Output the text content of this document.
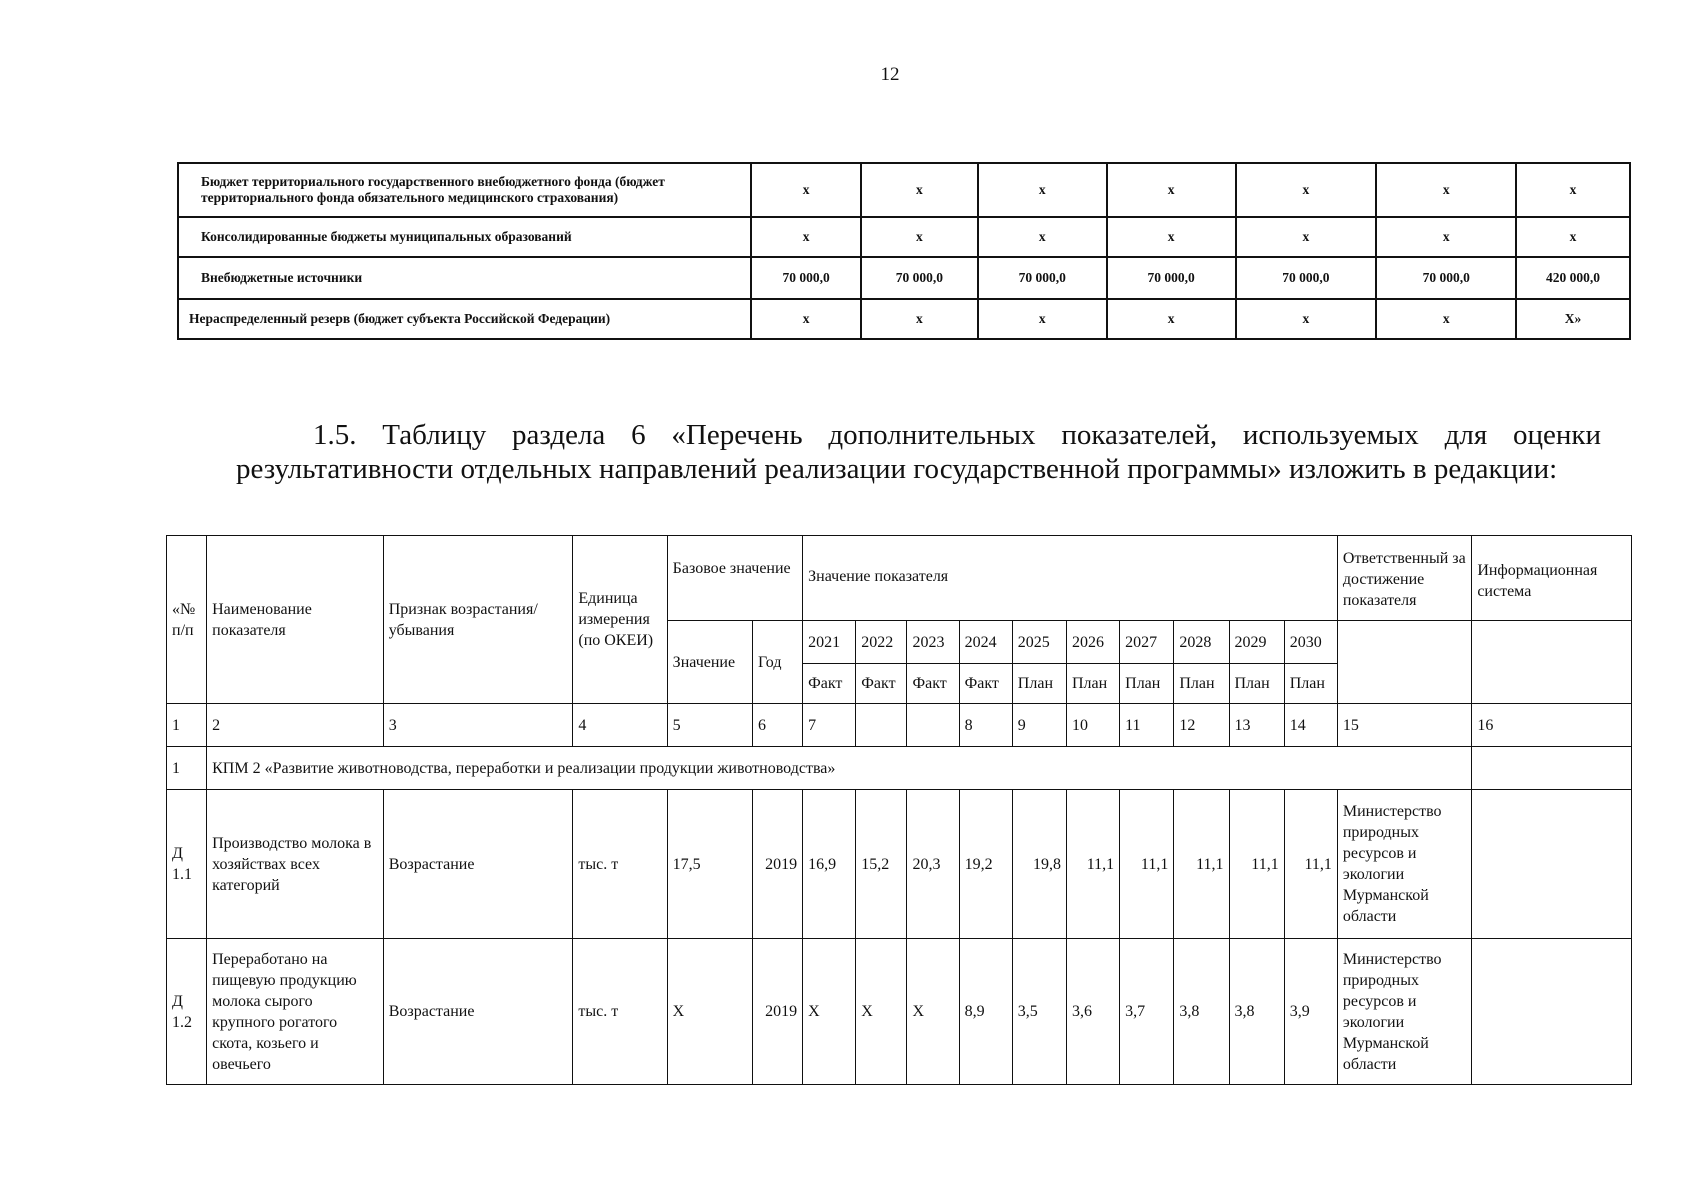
12
Бюджет территориального государственного внебюджетного фонда (бюджет территориального фонда обязательного медицинского страхования)	x	x	x	x	x	x	x
Консолидированные бюджеты муниципальных образований	x	x	x	x	x	x	x
Внебюджетные источники	70 000,0	70 000,0	70 000,0	70 000,0	70 000,0	70 000,0	420 000,0
Нераспределенный резерв (бюджет субъекта Российской Федерации)	x	x	x	x	x	x	X»
1.5. Таблицу раздела 6 «Перечень дополнительных показателей, используемых для оценки
результативности отдельных направлений реализации государственной программы» изложить в редакции:
«№ п/п	Наименование показателя	Признак возрастания/убывания	Единица измерения (по ОКЕИ)	Базовое значение		Значение показателя										Ответственный за достижение показателя	Информационная система
				Значение	Год	2021	2022	2023	2024	2025	2026	2027	2028	2029	2030		
						Факт	Факт	Факт	Факт	План	План	План	План	План	План		
1	2	3	4	5	6	7			8	9	10	11	12	13	14	15	16
1	КПМ 2 «Развитие животноводства, переработки и реализации продукции животноводства»																
Д 1.1	Производство молока в хозяйствах всех категорий	Возрастание	тыс. т	17,5	2019	16,9	15,2	20,3	19,2	19,8	11,1	11,1	11,1	11,1	11,1	Министерство природных ресурсов и экологии Мурманской области	
Д 1.2	Переработано на пищевую продукцию молока сырого крупного рогатого скота, козьего и овечьего	Возрастание	тыс. т	Х	2019	Х	Х	Х	8,9	3,5	3,6	3,7	3,8	3,8	3,9	Министерство природных ресурсов и экологии Мурманской области	
